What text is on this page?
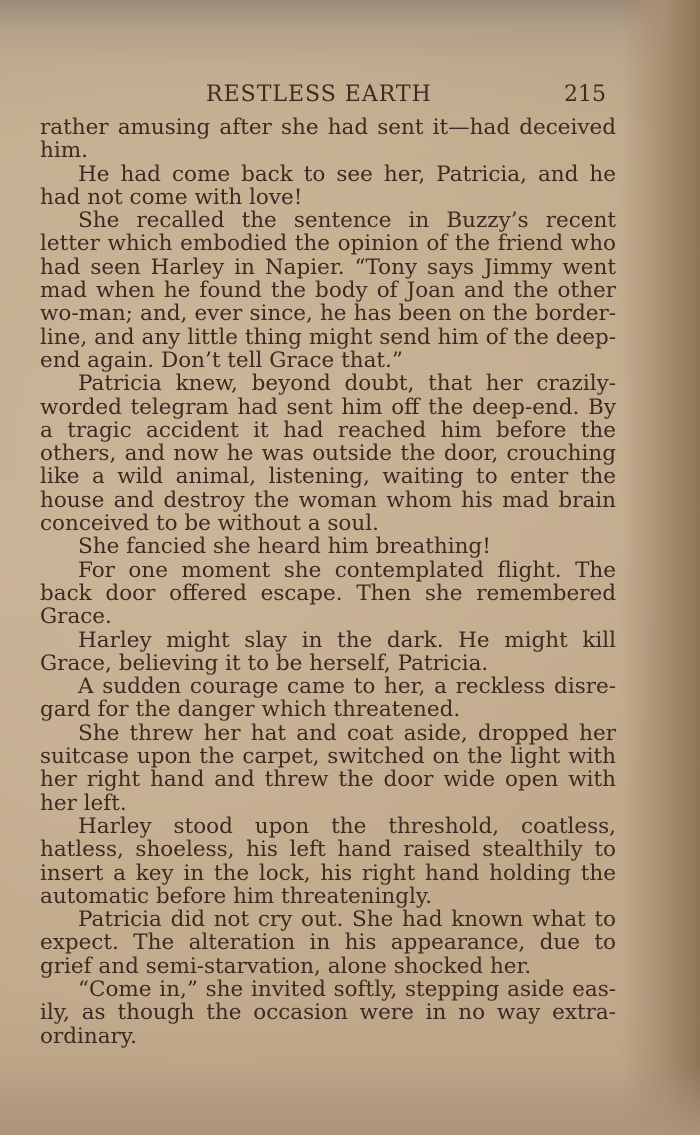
RESTLESS EARTH	215

rather amusing after she had sent it—had deceived him.

He had come back to see her, Patricia, and he had not come with love!

She recalled the sentence in Buzzy’s recent letter which embodied the opinion of the friend who had seen Harley in Napier. “Tony says Jimmy went mad when he found the body of Joan and the other wo-man; and, ever since, he has been on the border-line, and any little thing might send him of the deep-end again. Don’t tell Grace that.”

Patricia knew, beyond doubt, that her crazily-worded telegram had sent him off the deep-end. By a tragic accident it had reached him before the others, and now he was outside the door, crouching like a wild animal, listening, waiting to enter the house and destroy the woman whom his mad brain conceived to be without a soul.

She fancied she heard him breathing!

For one moment she contemplated flight. The back door offered escape. Then she remembered Grace.

Harley might slay in the dark. He might kill Grace, believing it to be herself, Patricia.

A sudden courage came to her, a reckless disre-gard for the danger which threatened.

She threw her hat and coat aside, dropped her suitcase upon the carpet, switched on the light with her right hand and threw the door wide open with her left.

Harley stood upon the threshold, coatless, hatless, shoeless, his left hand raised stealthily to insert a key in the lock, his right hand holding the automatic before him threateningly.

Patricia did not cry out. She had known what to expect. The alteration in his appearance, due to grief and semi-starvation, alone shocked her.

“Come in,” she invited softly, stepping aside eas-ily, as though the occasion were in no way extra-ordinary.
